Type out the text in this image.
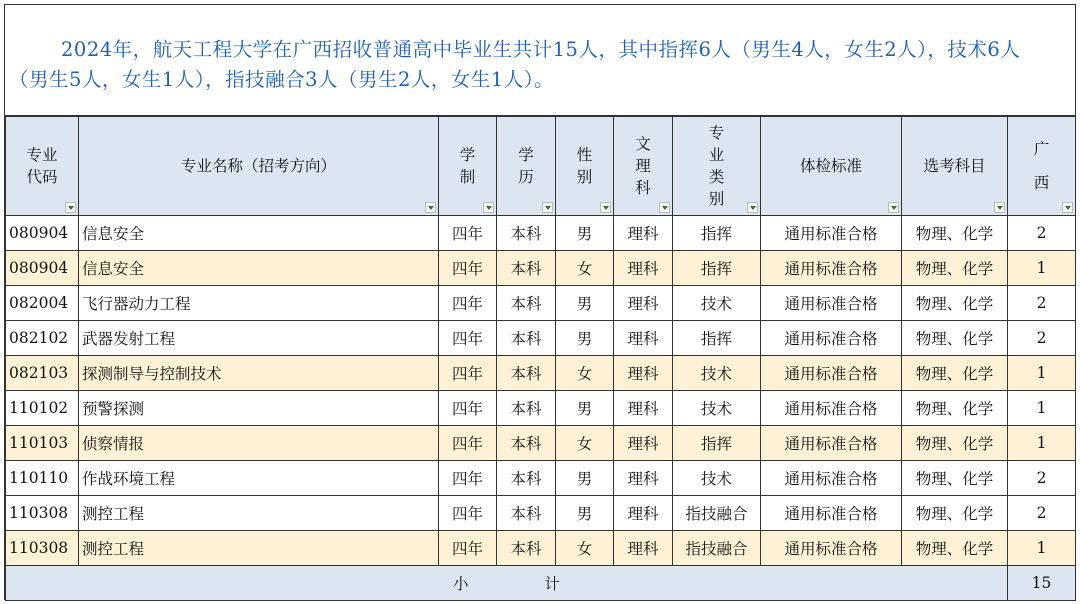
2024年，航天工程大学在广西招收普通高中毕业生共计15人，其中指挥6人（男生4人，女生2人），技术6人（男生5人，女生1人），指技融合3人（男生2人，女生1人）。
专业代码	专业名称（招考方向）	学制	学历	性别	文理科	专业类别	体检标准	选考科目	广西

080904	信息安全	四年	本科	男	理科	指挥	通用标准合格	物理、化学	2
080904	信息安全	四年	本科	女	理科	指挥	通用标准合格	物理、化学	1
082004	飞行器动力工程	四年	本科	男	理科	技术	通用标准合格	物理、化学	2
082102	武器发射工程	四年	本科	男	理科	指挥	通用标准合格	物理、化学	2
082103	探测制导与控制技术	四年	本科	女	理科	技术	通用标准合格	物理、化学	1
110102	预警探测	四年	本科	男	理科	技术	通用标准合格	物理、化学	1
110103	侦察情报	四年	本科	女	理科	指挥	通用标准合格	物理、化学	1
110110	作战环境工程	四年	本科	男	理科	技术	通用标准合格	物理、化学	2
110308	测控工程	四年	本科	男	理科	指技融合	通用标准合格	物理、化学	2
110308	测控工程	四年	本科	女	理科	指技融合	通用标准合格	物理、化学	1
小 计									15
